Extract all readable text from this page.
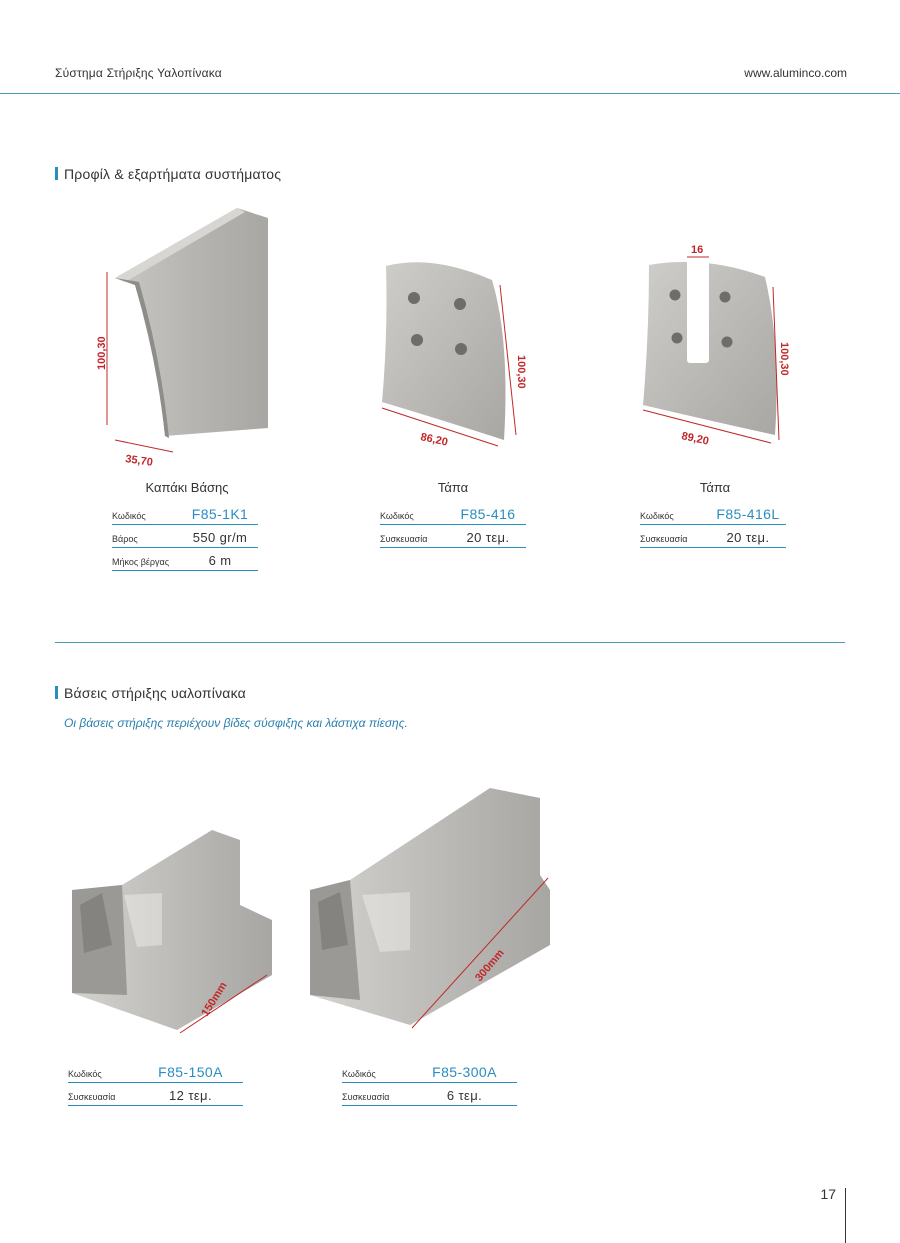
Σύστημα Στήριξης Υαλοπίνακα	www.aluminco.com
Προφίλ & εξαρτήματα συστήματος
100,30
35,70
100,30
86,20
16
100,30
89,20
Καπάκι Βάσης	Τάπα	Τάπα
Κωδικός	F85-1K1
Βάρος	550 gr/m
Μήκος βέργας	6 m
Κωδικός	F85-416
Συσκευασία	20 τεμ.
Κωδικός	F85-416L
Συσκευασία	20 τεμ.
Βάσεις στήριξης υαλοπίνακα
Οι βάσεις στήριξης περιέχουν βίδες σύσφιξης και λάστιχα πίεσης.
150mm
300mm
Κωδικός	F85-150A
Συσκευασία	12 τεμ.
Κωδικός	F85-300A
Συσκευασία	6 τεμ.
17
